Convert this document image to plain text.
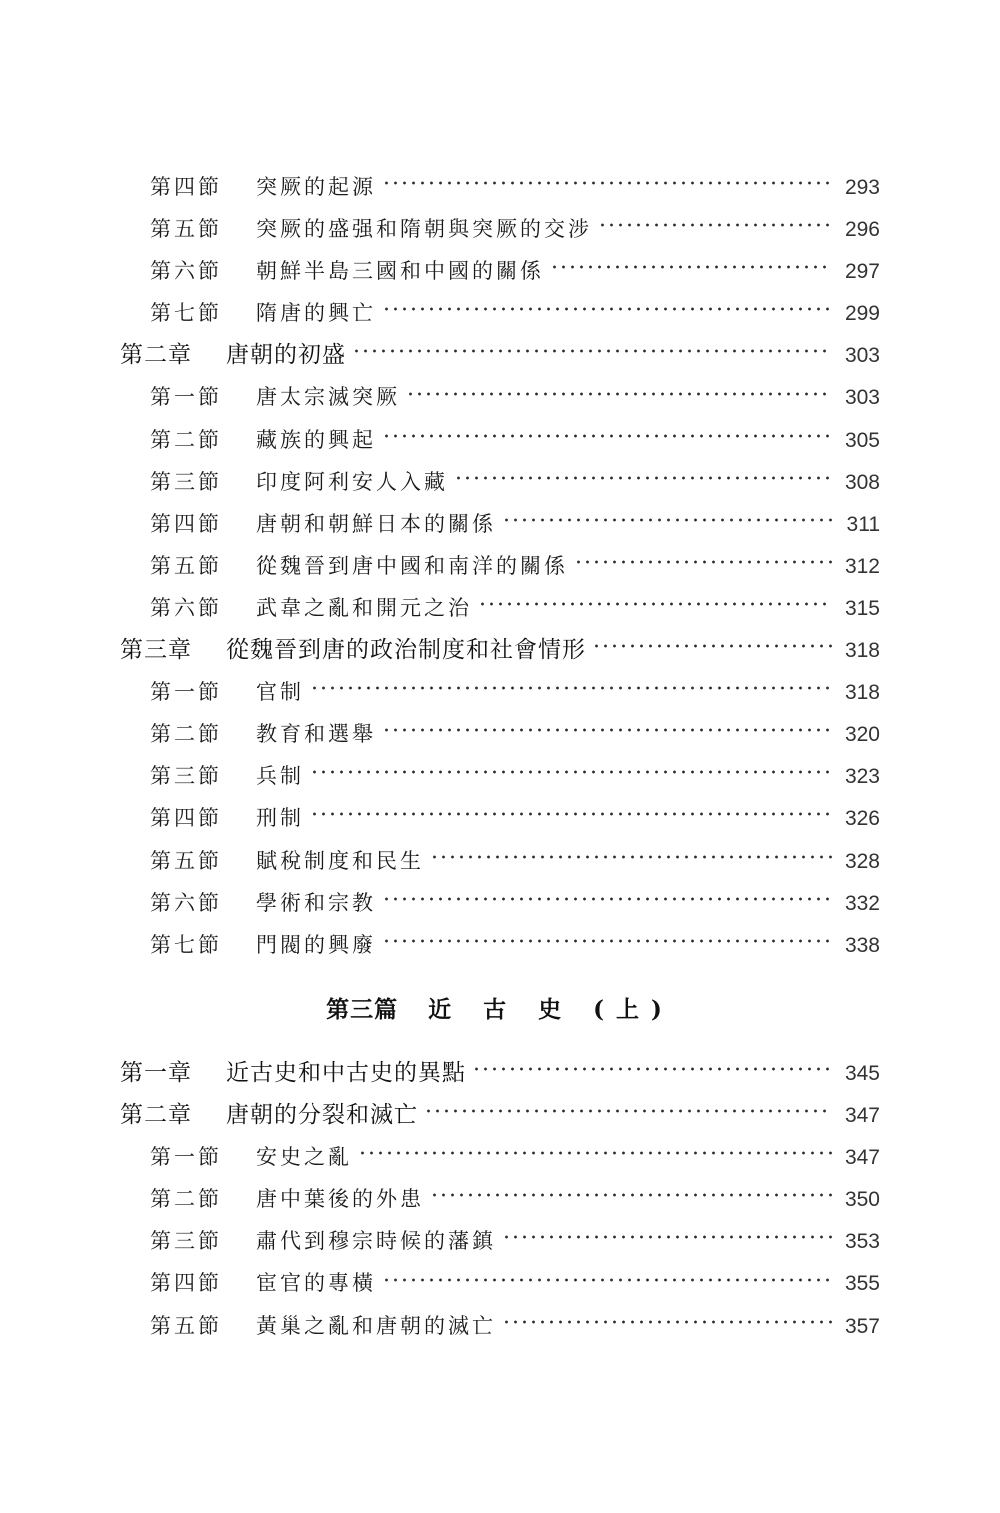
第四節	突厥的起源	293
第五節	突厥的盛强和隋朝與突厥的交涉	296
第六節	朝鮮半島三國和中國的關係	297
第七節	隋唐的興亡	299
第二章	唐朝的初盛	303
第一節	唐太宗滅突厥	303
第二節	藏族的興起	305
第三節	印度阿利安人入藏	308
第四節	唐朝和朝鮮日本的關係	311
第五節	從魏晉到唐中國和南洋的關係	312
第六節	武韋之亂和開元之治	315
第三章	從魏晉到唐的政治制度和社會情形	318
第一節	官制	318
第二節	教育和選舉	320
第三節	兵制	323
第四節	刑制	326
第五節	賦稅制度和民生	328
第六節	學術和宗教	332
第七節	門閥的興廢	338
第三篇 近 古 史 (上)
第一章	近古史和中古史的異點	345
第二章	唐朝的分裂和滅亡	347
第一節	安史之亂	347
第二節	唐中葉後的外患	350
第三節	肅代到穆宗時候的藩鎮	353
第四節	宦官的專橫	355
第五節	黃巢之亂和唐朝的滅亡	357
